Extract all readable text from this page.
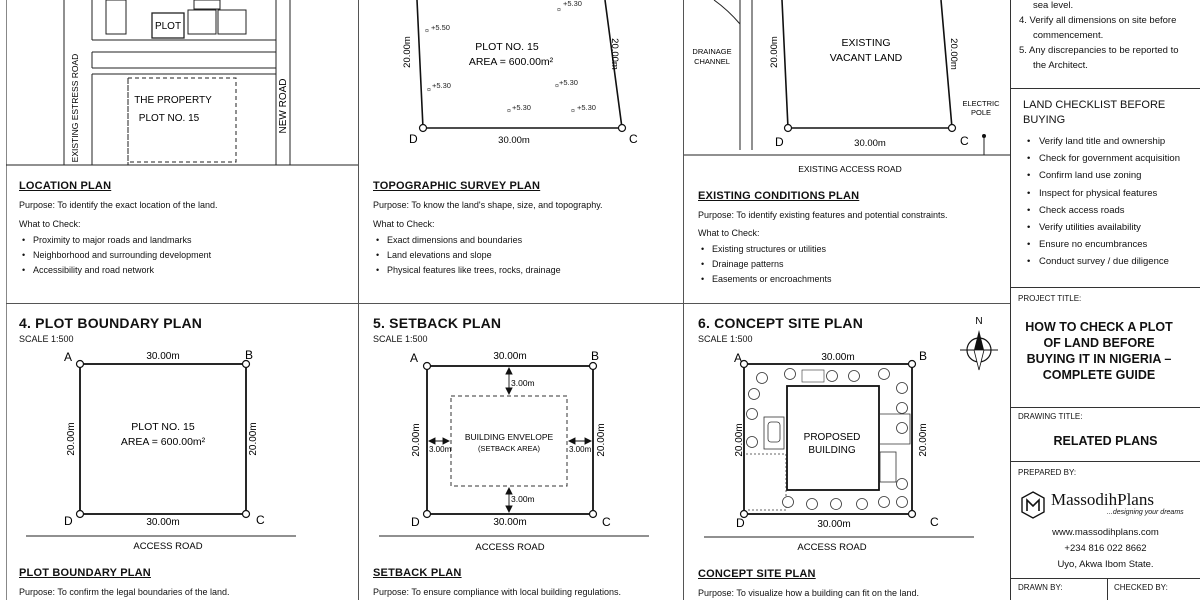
PLOT
THE PROPERTY
PLOT NO. 15
EXISTING ESTRESS ROAD	NEW ROAD
LOCATION PLAN
Purpose: To identify the exact location of the land.
What to Check:
• Proximity to major roads and landmarks
• Neighborhood and surrounding development
• Accessibility and road network
D	C
30.00m
20.00m	20.00m
PLOT NO. 15
AREA = 600.00m²
+5.30
+5.50
+5.30	+5.30
+5.30	+5.30
¤
¤
¤
¤
¤	¤
TOPOGRAPHIC SURVEY PLAN
Purpose: To know the land's shape, size, and topography.
What to Check:
• Exact dimensions and boundaries
• Land elevations and slope
• Physical features like trees, rocks, drainage
D	C
30.00m
20.00m	20.00m
EXISTING
VACANT LAND
DRAINAGE
CHANNEL
ELECTRIC
POLE
EXISTING ACCESS ROAD
EXISTING CONDITIONS PLAN
Purpose: To identify existing features and potential constraints.
What to Check:
• Existing structures or utilities
• Drainage patterns
• Easements or encroachments
4. PLOT BOUNDARY PLAN
SCALE 1:500
A	B
D	C
30.00m
30.00m
20.00m	20.00m
PLOT NO. 15
AREA = 600.00m²
ACCESS ROAD
PLOT BOUNDARY PLAN
Purpose: To confirm the legal boundaries of the land.
5. SETBACK PLAN
SCALE 1:500
A	B
D	C
30.00m
30.00m
20.00m	20.00m
3.00m
3.00m
3.00m	3.00m
BUILDING ENVELOPE
(SETBACK AREA)
ACCESS ROAD
SETBACK PLAN
Purpose: To ensure compliance with local building regulations.
6. CONCEPT SITE PLAN
SCALE 1:500
N
A	B
D	C
30.00m
30.00m
20.00m	20.00m
PROPOSED
BUILDING
ACCESS ROAD
CONCEPT SITE PLAN
Purpose: To visualize how a building can fit on the land.
sea level.
4. Verify all dimensions on site before
commencement.
5. Any discrepancies to be reported to
the Architect.
LAND CHECKLIST BEFORE BUYING
• Verify land title and ownership
• Check for government acquisition
• Confirm land use zoning
• Inspect for physical features
• Check access roads
• Verify utilities availability
• Ensure no encumbrances
• Conduct survey / due diligence
PROJECT TITLE:
HOW TO CHECK A PLOT OF LAND BEFORE BUYING IT IN NIGERIA – COMPLETE GUIDE
DRAWING TITLE:
RELATED PLANS
PREPARED BY:
MassodihPlans
...designing your dreams
www.massodihplans.com
+234 816 022 8662
Uyo, Akwa Ibom State.
DRAWN BY:	CHECKED BY:
